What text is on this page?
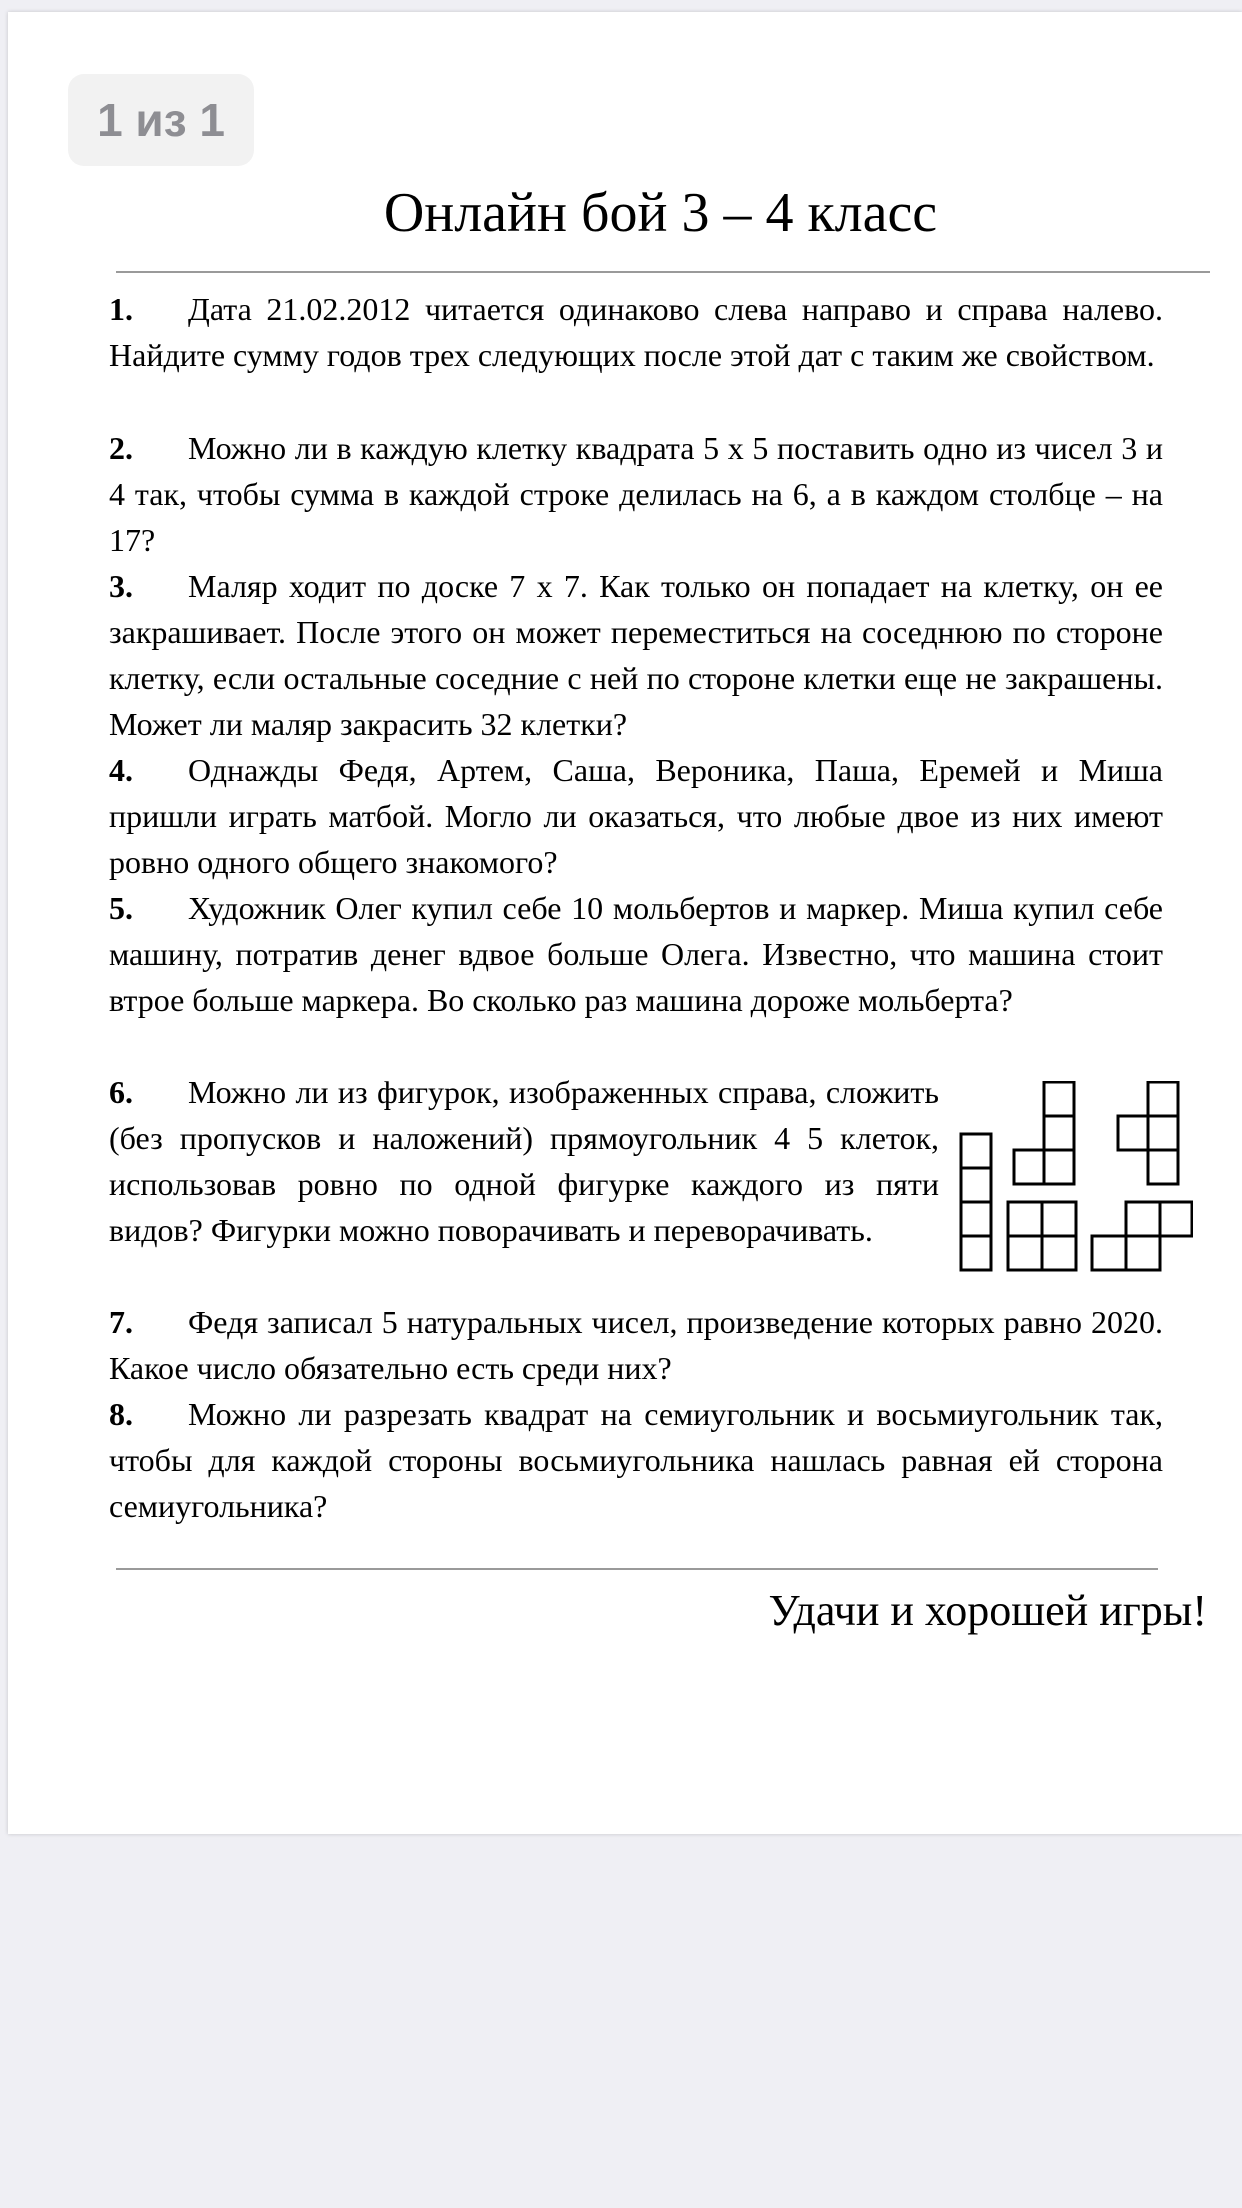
1 из 1
Онлайн бой 3 – 4 класс
1. Дата 21.02.2012 читается одинаково слева направо и справа налево. Найдите сумму годов трех следующих после этой дат с таким же свойством.
2. Можно ли в каждую клетку квадрата 5 х 5 поставить одно из чисел 3 и 4 так, чтобы сумма в каждой строке делилась на 6, а в каждом столбце – на 17?
3. Маляр ходит по доске 7 х 7. Как только он попадает на клетку, он ее закрашивает. После этого он может переместиться на соседнюю по стороне клетку, если остальные соседние с ней по стороне клетки еще не закрашены. Может ли маляр закрасить 32 клетки?
4. Однажды Федя, Артем, Саша, Вероника, Паша, Еремей и Миша пришли играть матбой. Могло ли оказаться, что любые двое из них имеют ровно одного общего знакомого?
5. Художник Олег купил себе 10 мольбертов и маркер. Миша купил себе машину, потратив денег вдвое больше Олега. Известно, что машина стоит втрое больше маркера. Во сколько раз машина дороже мольберта?
6. Можно ли из фигурок, изображенных справа, сложить (без пропусков и наложений) прямоугольник 4 5 клеток, использовав ровно по одной фигурке каждого из пяти видов? Фигурки можно поворачивать и переворачивать.
7. Федя записал 5 натуральных чисел, произведение которых равно 2020. Какое число обязательно есть среди них?
8. Можно ли разрезать квадрат на семиугольник и восьмиугольник так, чтобы для каждой стороны восьмиугольника нашлась равная ей сторона семиугольника?
Удачи и хорошей игры!
